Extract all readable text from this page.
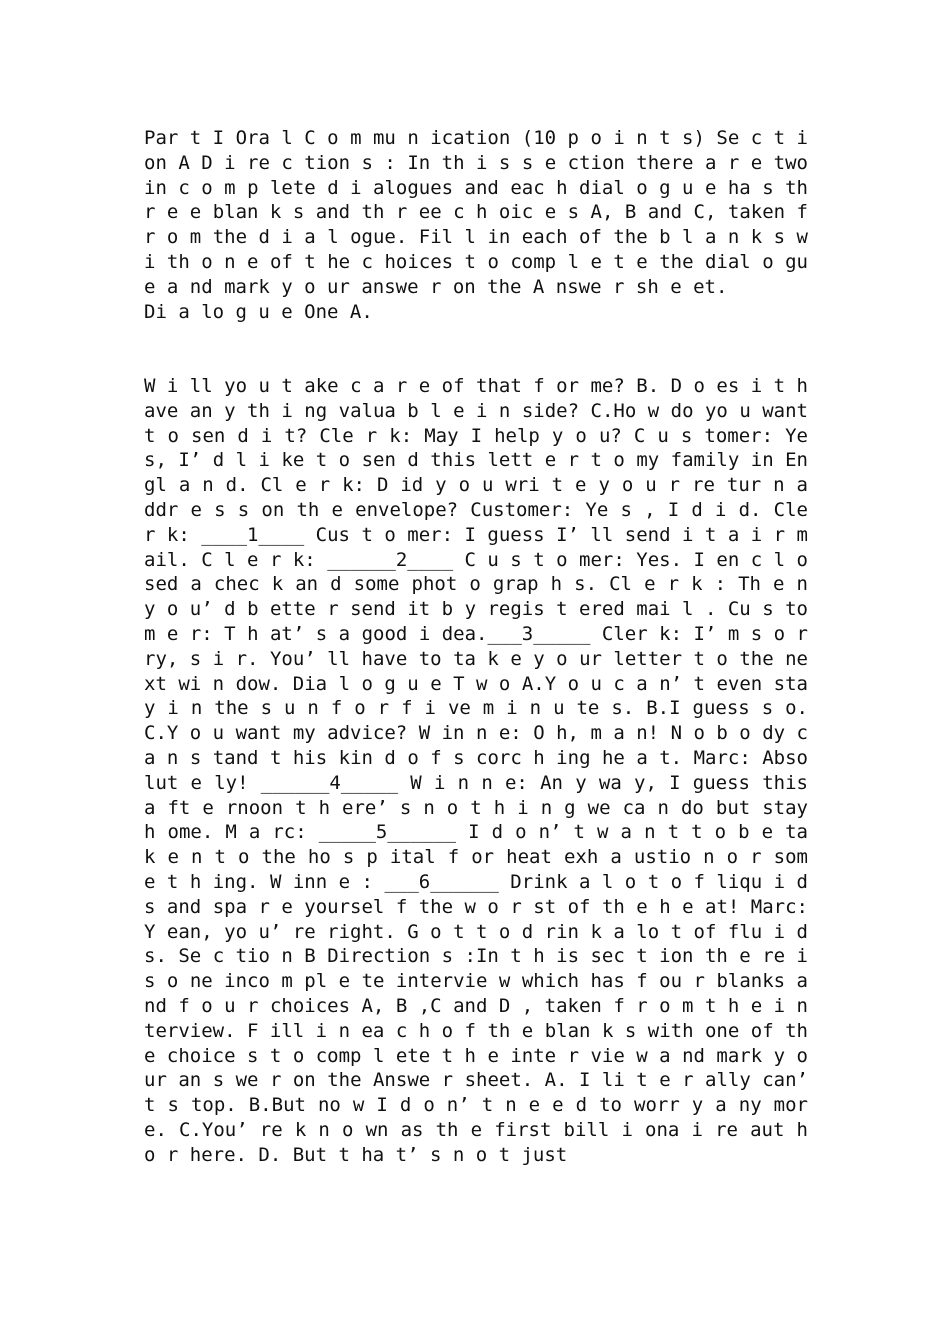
Par t I Ora l C o m mu n ication (10 p o i n t s) Se c t i on A D i re c tion s : In th i s s e ction there a r e two in c o m p lete d i alogues and eac h dial o g u e ha s thr e e blan k s and th r ee c h oic e s A, B and C, taken fr o m the d i a l ogue. Fil l in each of the b l a n k s w i th o n e of t he c hoices t o comp l e t e the dial o gue a nd mark y o ur answe r on the A nswe r sh e et.

Di a lo g u e One A.

W i ll yo u t ake c a r e of that f or me? B. D o es i t have an y th i ng valua b l e i n side? C.Ho w do yo u want t o sen d i t? Cle r k: May I help y o u? C u s tomer: Yes, I’ d l i ke t o sen d this lett e r t o my family in Engl a n d. Cl e r k: D id y o u wri t e y o u r re tur n a ddr e s s on th e envelope? Customer: Ye s , I d i d. Cle r k: ____1____ Cus t o mer: I guess I’ ll send i t a i r mail. C l e r k: ______2____ C u s t o mer: Yes. I en c l osed a chec k an d some phot o grap h s. Cl e r k : Th e n y o u’ d b ette r send it b y regis t ered mai l . Cu s tom e r: T h at’ s a good i dea.___3_____ Cler k: I’ m s o rry, s i r. You’ ll have to ta k e y o ur letter t o the next wi n dow. Dia l o g u e T w o A.Y o u c a n’ t even stay i n the s u n f o r f i ve m i n u te s. B.I guess s o. C.Y o u want my advice? W in n e: O h, m a n! N o b o dy ca n s tand t his kin d o f s corc h ing he a t. Marc: Absolut e ly! ______4_____ W i n n e: An y wa y, I guess this a ft e rnoon t h ere’ s n o t h i n g we ca n do but stay h ome. M a rc: _____5______ I d o n’ t w a n t t o b e ta k e n t o the ho s p ital f or heat exh a ustio n o r som e t h ing. W inn e : ___6______ Drink a l o t o f liqu i ds and spa r e yoursel f the w o r st of th e h e at! Marc: Y ean, yo u’ re right. G o t t o d rin k a lo t of flu i ds. Se c tio n B Direction s :In t h is sec t ion th e re i s o ne inco m pl e te intervie w which has f ou r blanks and f o u r choices A, B ,C and D , taken f r o m t h e i n terview. F ill i n ea c h o f th e blan k s with one of th e choice s t o comp l ete t h e inte r vie w a nd mark y o ur an s we r on the Answe r sheet. A. I li t e r ally can’ t s top. B.But no w I d o n’ t n e e d to worr y a ny more. C.You’ re k n o wn as th e first bill i ona i re aut h o r here. D. But t ha t’ s n o t just
